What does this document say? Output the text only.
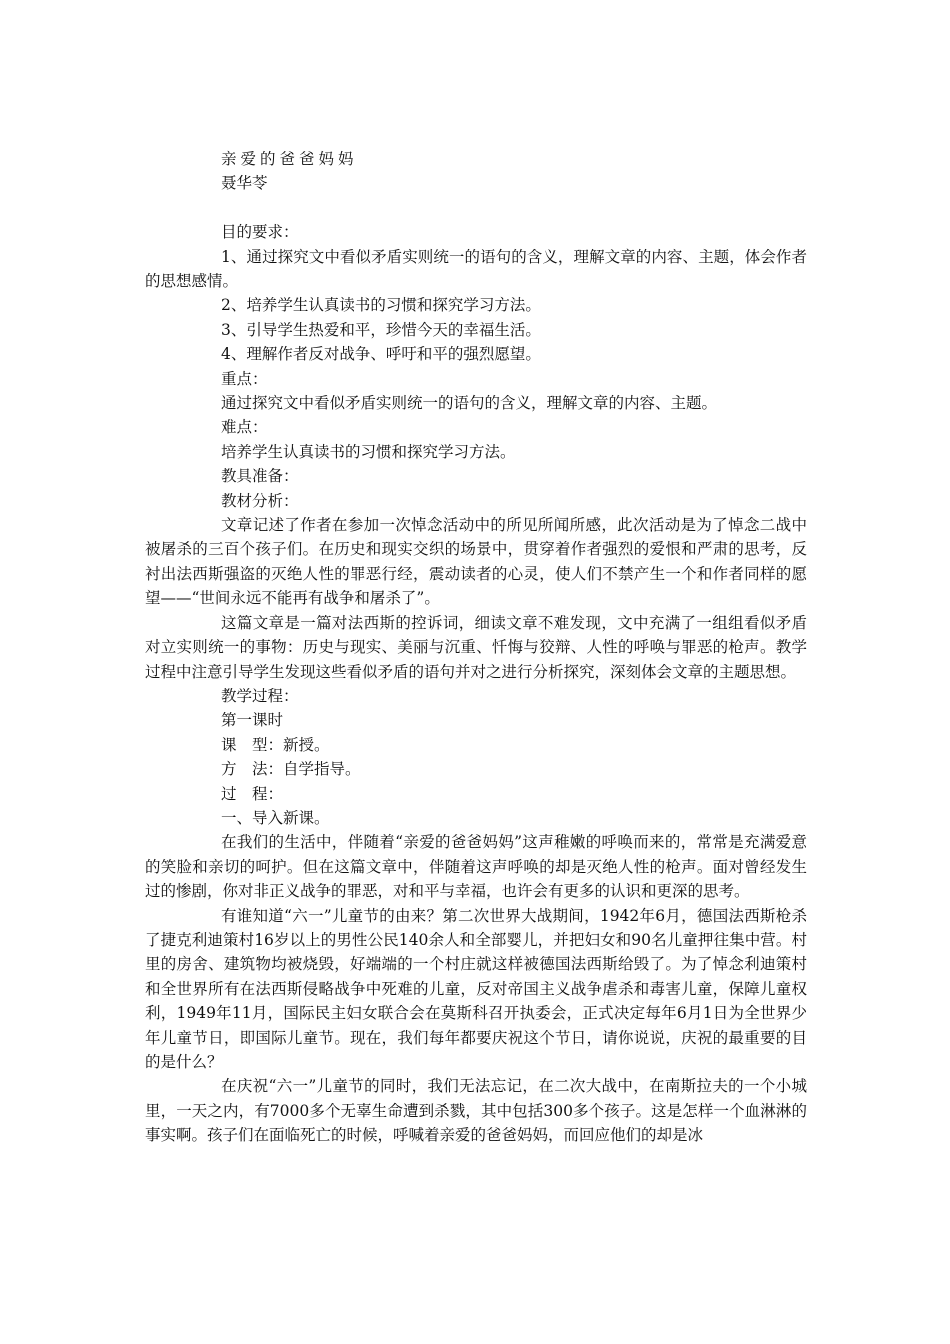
亲爱的爸爸妈妈

聂华苓

目的要求：

1、通过探究文中看似矛盾实则统一的语句的含义，理解文章的内容、主题，体会作者的思想感情。

2、培养学生认真读书的习惯和探究学习方法。

3、引导学生热爱和平，珍惜今天的幸福生活。

4、理解作者反对战争、呼吁和平的强烈愿望。

重点：

通过探究文中看似矛盾实则统一的语句的含义，理解文章的内容、主题。

难点：

培养学生认真读书的习惯和探究学习方法。

教具准备：

教材分析：

文章记述了作者在参加一次悼念活动中的所见所闻所感，此次活动是为了悼念二战中被屠杀的三百个孩子们。在历史和现实交织的场景中，贯穿着作者强烈的爱恨和严肃的思考，反衬出法西斯强盗的灭绝人性的罪恶行经，震动读者的心灵，使人们不禁产生一个和作者同样的愿望——“世间永远不能再有战争和屠杀了”。

这篇文章是一篇对法西斯的控诉词，细读文章不难发现，文中充满了一组组看似矛盾对立实则统一的事物：历史与现实、美丽与沉重、忏悔与狡辩、人性的呼唤与罪恶的枪声。教学过程中注意引导学生发现这些看似矛盾的语句并对之进行分析探究，深刻体会文章的主题思想。

教学过程：

第一课时

课　型：新授。

方　法：自学指导。

过　程：

一、导入新课。

在我们的生活中，伴随着“亲爱的爸爸妈妈”这声稚嫩的呼唤而来的，常常是充满爱意的笑脸和亲切的呵护。但在这篇文章中，伴随着这声呼唤的却是灭绝人性的枪声。面对曾经发生过的惨剧，你对非正义战争的罪恶，对和平与幸福，也许会有更多的认识和更深的思考。

有谁知道“六一”儿童节的由来？第二次世界大战期间，1942年6月，德国法西斯枪杀了捷克利迪策村16岁以上的男性公民140余人和全部婴儿，并把妇女和90名儿童押往集中营。村里的房舍、建筑物均被烧毁，好端端的一个村庄就这样被德国法西斯给毁了。为了悼念利迪策村和全世界所有在法西斯侵略战争中死难的儿童，反对帝国主义战争虐杀和毒害儿童，保障儿童权利，1949年11月，国际民主妇女联合会在莫斯科召开执委会，正式决定每年6月1日为全世界少年儿童节日，即国际儿童节。现在，我们每年都要庆祝这个节日，请你说说，庆祝的最重要的目的是什么？

在庆祝“六一”儿童节的同时，我们无法忘记，在二次大战中，在南斯拉夫的一个小城里，一天之内，有7000多个无辜生命遭到杀戮，其中包括300多个孩子。这是怎样一个血淋淋的事实啊。孩子们在面临死亡的时候，呼喊着亲爱的爸爸妈妈，而回应他们的却是冰
